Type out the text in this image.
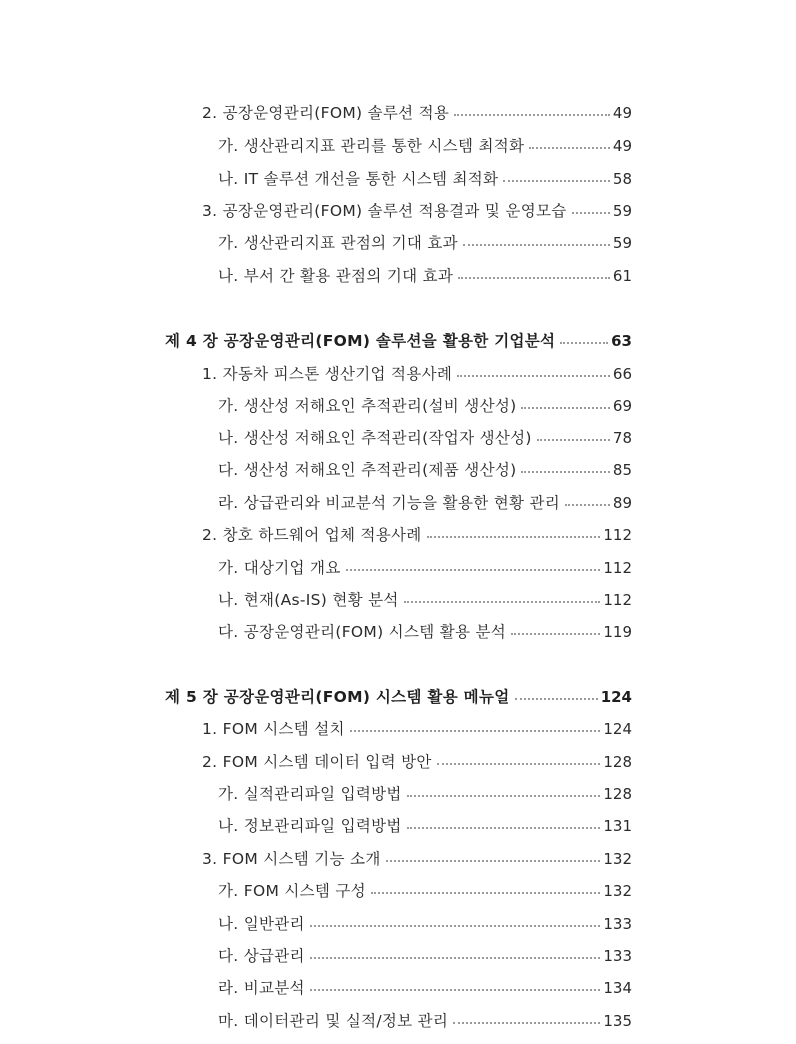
2. 공장운영관리(FOM) 솔루션 적용	49
가. 생산관리지표 관리를 통한 시스템 최적화	49
나. IT 솔루션 개선을 통한 시스템 최적화	58
3. 공장운영관리(FOM) 솔루션 적용결과 및 운영모습	59
가. 생산관리지표 관점의 기대 효과	59
나. 부서 간 활용 관점의 기대 효과	61
제 4 장 공장운영관리(FOM) 솔루션을 활용한 기업분석	63
1. 자동차 피스톤 생산기업 적용사례	66
가. 생산성 저해요인 추적관리(설비 생산성)	69
나. 생산성 저해요인 추적관리(작업자 생산성)	78
다. 생산성 저해요인 추적관리(제품 생산성)	85
라. 상급관리와 비교분석 기능을 활용한 현황 관리	89
2. 창호 하드웨어 업체 적용사례	112
가. 대상기업 개요	112
나. 현재(As-IS) 현황 분석	112
다. 공장운영관리(FOM) 시스템 활용 분석	119
제 5 장 공장운영관리(FOM) 시스템 활용 메뉴얼	124
1. FOM 시스템 설치	124
2. FOM 시스템 데이터 입력 방안	128
가. 실적관리파일 입력방법	128
나. 정보관리파일 입력방법	131
3. FOM 시스템 기능 소개	132
가. FOM 시스템 구성	132
나. 일반관리	133
다. 상급관리	133
라. 비교분석	134
마. 데이터관리 및 실적/정보 관리	135
